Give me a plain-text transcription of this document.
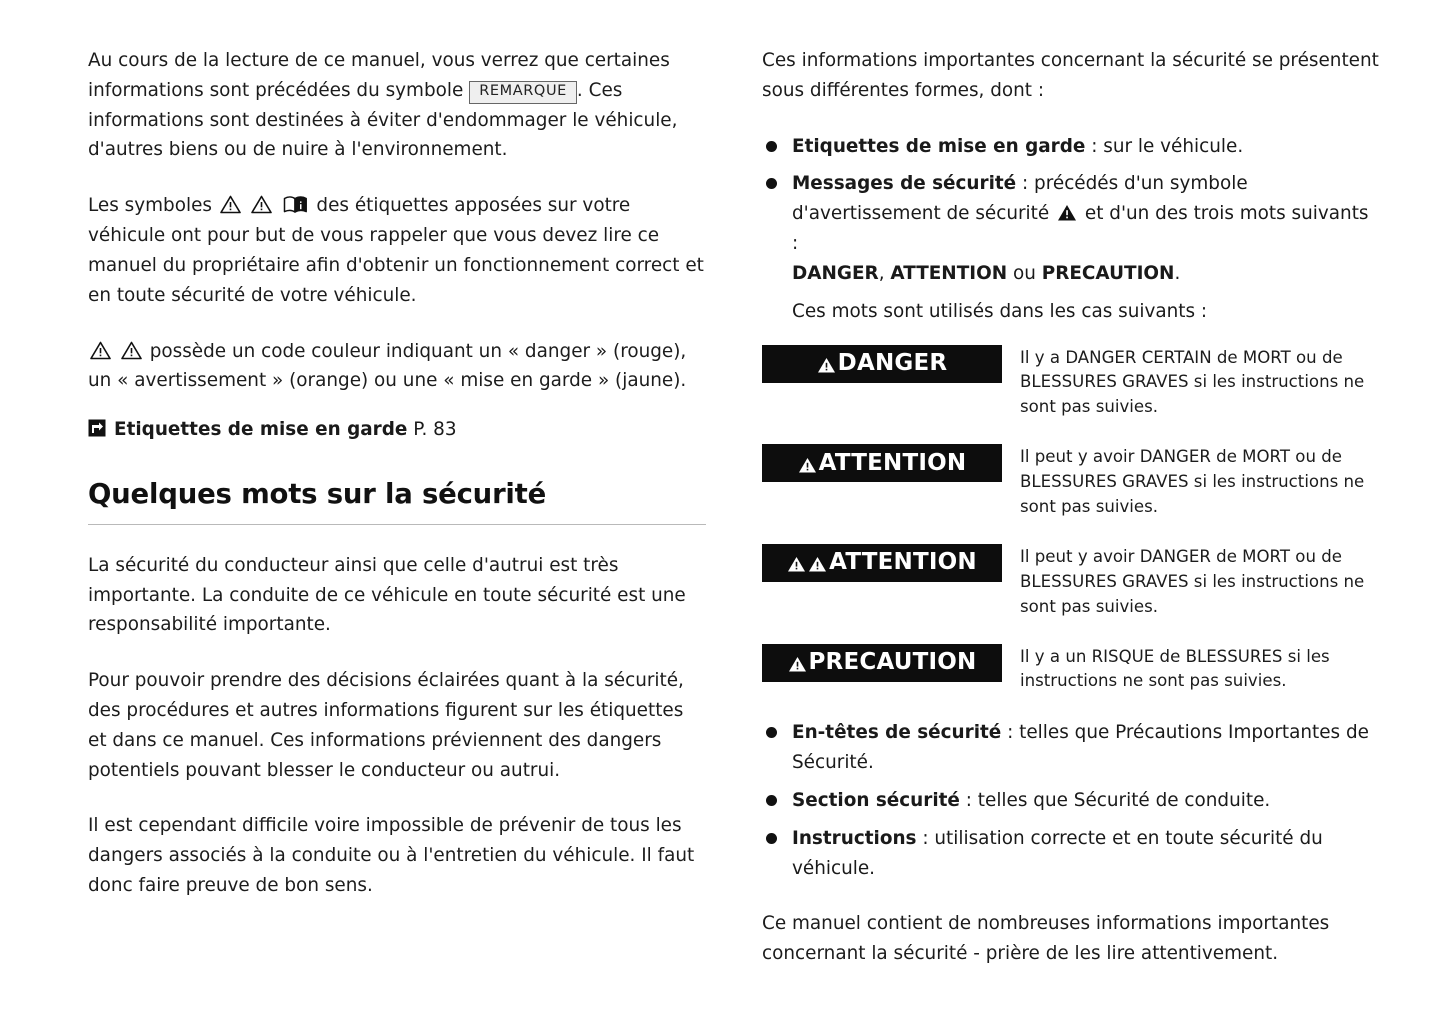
Au cours de la lecture de ce manuel, vous verrez que certaines informations sont précédées du symbole REMARQUE . Ces informations sont destinées à éviter d'endommager le véhicule, d'autres biens ou de nuire à l'environnement.

Les symboles

	des étiquettes apposées sur votre véhicule ont pour but de vous rappeler que vous devez lire ce manuel du propriétaire afin d'obtenir un fonctionnement correct et en toute sécurité de votre véhicule.

possède un code couleur indiquant un « danger » (rouge), un « avertissement » (orange) ou une « mise en garde » (jaune).

Etiquettes de mise en garde P. 83
Quelques mots sur la sécurité

La sécurité du conducteur ainsi que celle d'autrui est très importante. La conduite de ce véhicule en toute sécurité est une responsabilité importante.

Pour pouvoir prendre des décisions éclairées quant à la sécurité, des procédures et autres informations figurent sur les étiquettes et dans ce manuel. Ces informations préviennent des dangers potentiels pouvant blesser le conducteur ou autrui.

Il est cependant difficile voire impossible de prévenir de tous les dangers associés à la conduite ou à l'entretien du véhicule. Il faut donc faire preuve de bon sens.

Ces informations importantes concernant la sécurité se présentent sous différentes formes, dont :

Etiquettes de mise en garde : sur le véhicule.
Messages de sécurité : précédés d'un symbole d'avertissement de sécurité et d'un des trois mots suivants :
DANGER, ATTENTION ou PRECAUTION.
Ces mots sont utilisés dans les cas suivants :
DANGER	Il y a DANGER CERTAIN de MORT ou de BLESSURES GRAVES si les instructions ne sont pas suivies.
ATTENTION	Il peut y avoir DANGER de MORT ou de BLESSURES GRAVES si les instructions ne sont pas suivies.
ATTENTION	Il peut y avoir DANGER de MORT ou de BLESSURES GRAVES si les instructions ne sont pas suivies.
PRECAUTION	Il y a un RISQUE de BLESSURES si les instructions ne sont pas suivies.
En-têtes de sécurité : telles que Précautions Importantes de Sécurité.
Section sécurité : telles que Sécurité de conduite.
Instructions : utilisation correcte et en toute sécurité du véhicule.

Ce manuel contient de nombreuses informations importantes concernant la sécurité - prière de les lire attentivement.
